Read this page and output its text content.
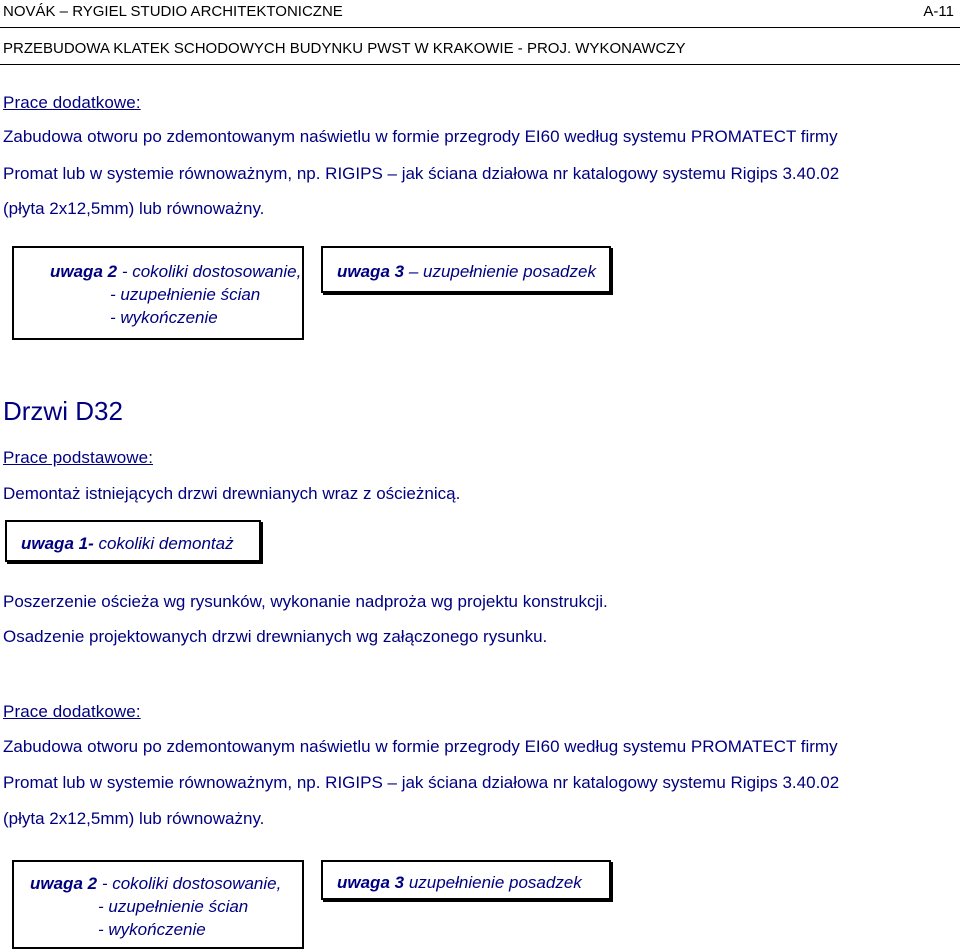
NOVÁK – RYGIEL STUDIO ARCHITEKTONICZNE	A-11
PRZEBUDOWA KLATEK SCHODOWYCH BUDYNKU PWST W KRAKOWIE - PROJ. WYKONAWCZY
Prace dodatkowe:
Zabudowa otworu po zdemontowanym naświetlu w formie przegrody EI60 według systemu PROMATECT firmy
Promat lub w systemie równoważnym, np. RIGIPS – jak ściana działowa nr katalogowy systemu Rigips 3.40.02
(płyta 2x12,5mm) lub równoważny.
uwaga 2 - cokoliki dostosowanie,
- uzupełnienie ścian
- wykończenie
uwaga 3 – uzupełnienie posadzek
Drzwi D32
Prace podstawowe:
Demontaż istniejących drzwi drewnianych wraz z ościeżnicą.
uwaga 1- cokoliki demontaż
Poszerzenie ościeża wg rysunków, wykonanie nadproża wg projektu konstrukcji.
Osadzenie projektowanych drzwi drewnianych wg załączonego rysunku.
Prace dodatkowe:
Zabudowa otworu po zdemontowanym naświetlu w formie przegrody EI60 według systemu PROMATECT firmy
Promat lub w systemie równoważnym, np. RIGIPS – jak ściana działowa nr katalogowy systemu Rigips 3.40.02
(płyta 2x12,5mm) lub równoważny.
uwaga 2 - cokoliki dostosowanie,
- uzupełnienie ścian
- wykończenie
uwaga 3 uzupełnienie posadzek
